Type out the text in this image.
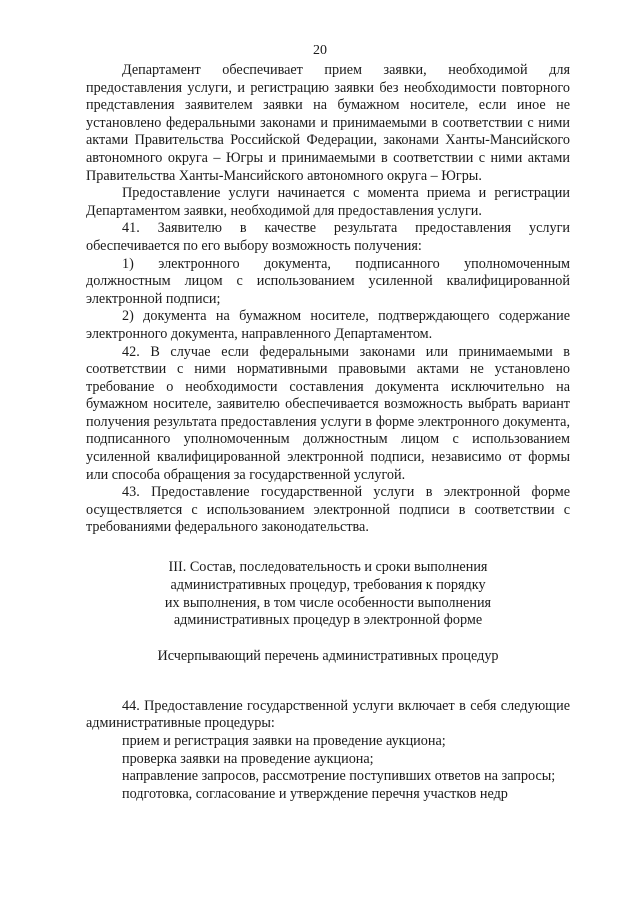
20

Департамент обеспечивает прием заявки, необходимой для предоставления услуги, и регистрацию заявки без необходимости повторного представления заявителем заявки на бумажном носителе, если иное не установлено федеральными законами и принимаемыми в соответствии с ними актами Правительства Российской Федерации, законами Ханты-Мансийского автономного округа – Югры и принимаемыми в соответствии с ними актами Правительства Ханты-Мансийского автономного округа – Югры.

Предоставление услуги начинается с момента приема и регистрации Департаментом заявки, необходимой для предоставления услуги.

41. Заявителю в качестве результата предоставления услуги обеспечивается по его выбору возможность получения:

1) электронного документа, подписанного уполномоченным должностным лицом с использованием усиленной квалифицированной электронной подписи;

2) документа на бумажном носителе, подтверждающего содержание электронного документа, направленного Департаментом.

42. В случае если федеральными законами или принимаемыми в соответствии с ними нормативными правовыми актами не установлено требование о необходимости составления документа исключительно на бумажном носителе, заявителю обеспечивается возможность выбрать вариант получения результата предоставления услуги в форме электронного документа, подписанного уполномоченным должностным лицом с использованием усиленной квалифицированной электронной подписи, независимо от формы или способа обращения за государственной услугой.

43. Предоставление государственной услуги в электронной форме осуществляется с использованием электронной подписи в соответствии с требованиями федерального законодательства.

III. Состав, последовательность и сроки выполнения
административных процедур, требования к порядку
их выполнения, в том числе особенности выполнения
административных процедур в электронной форме
Исчерпывающий перечень административных процедур

44. Предоставление государственной услуги включает в себя следующие административные процедуры:

прием и регистрация заявки на проведение аукциона;

проверка заявки на проведение аукциона;

направление запросов, рассмотрение поступивших ответов на запросы;

подготовка, согласование и утверждение перечня участков недр
